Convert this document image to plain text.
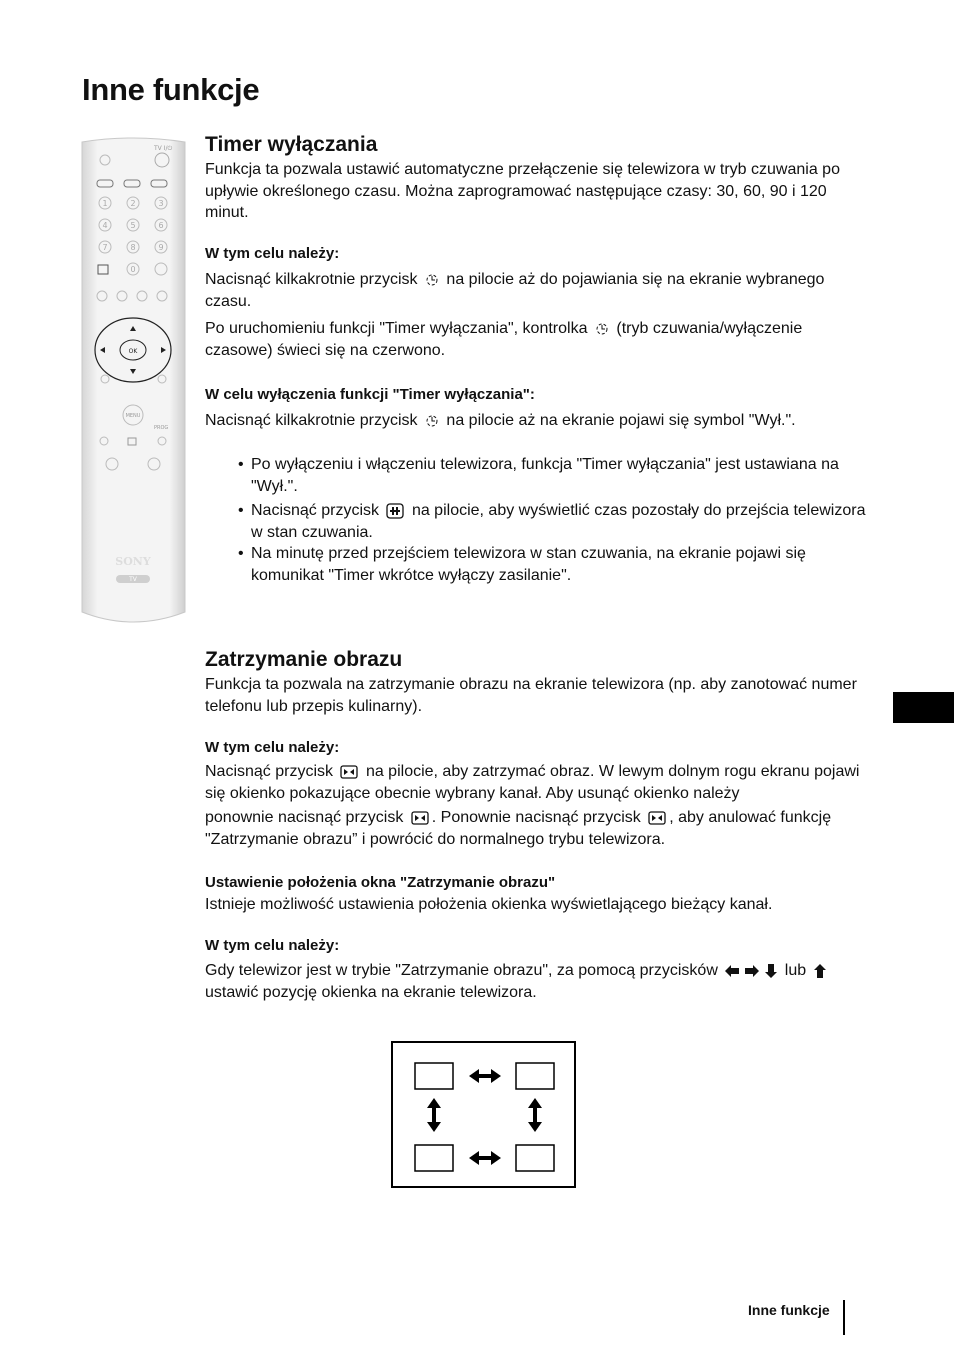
Inne funkcje
TV I/⏻
1	2	3
4	5	6
7	8	9
0
OK
MENU
PROG
SONY
TV
Timer wyłączania
Funkcja ta pozwala ustawić automatyczne przełączenie się telewizora w tryb czuwania po upływie określonego czasu. Można zaprogramować następujące czasy: 30, 60, 90 i 120 minut.
W tym celu należy:
Nacisnąć kilkakrotnie przycisk na pilocie aż do pojawiania się na ekranie wybranego czasu.
Po uruchomieniu funkcji "Timer wyłączania", kontrolka (tryb czuwania/wyłączenie czasowe) świeci się na czerwono.
W celu wyłączenia funkcji "Timer wyłączania":
Nacisnąć kilkakrotnie przycisk na pilocie aż na ekranie pojawi się symbol "Wył.".
• Po wyłączeniu i włączeniu telewizora, funkcja "Timer wyłączania" jest ustawiana na "Wył.".
• Nacisnąć przycisk na pilocie, aby wyświetlić czas pozostały do przejścia telewizora w stan czuwania.
• Na minutę przed przejściem telewizora w stan czuwania, na ekranie pojawi się komunikat "Timer wkrótce wyłączy zasilanie".
Zatrzymanie obrazu
Funkcja ta pozwala na zatrzymanie obrazu na ekranie telewizora (np. aby zanotować numer telefonu lub przepis kulinarny).
W tym celu należy:
Nacisnąć przycisk na pilocie, aby zatrzymać obraz. W lewym dolnym rogu ekranu pojawi się okienko pokazujące obecnie wybrany kanał. Aby usunąć okienko należy
ponownie nacisnąć przycisk . Ponownie nacisnąć przycisk , aby anulować funkcję
"Zatrzymanie obrazu” i powrócić do normalnego trybu telewizora.
Ustawienie położenia okna "Zatrzymanie obrazu"
Istnieje możliwość ustawienia położenia okienka wyświetlającego bieżący kanał.
W tym celu należy:
Gdy telewizor jest w trybie "Zatrzymanie obrazu", za pomocą przycisków	lub
ustawić pozycję okienka na ekranie telewizora.
Inne funkcje
